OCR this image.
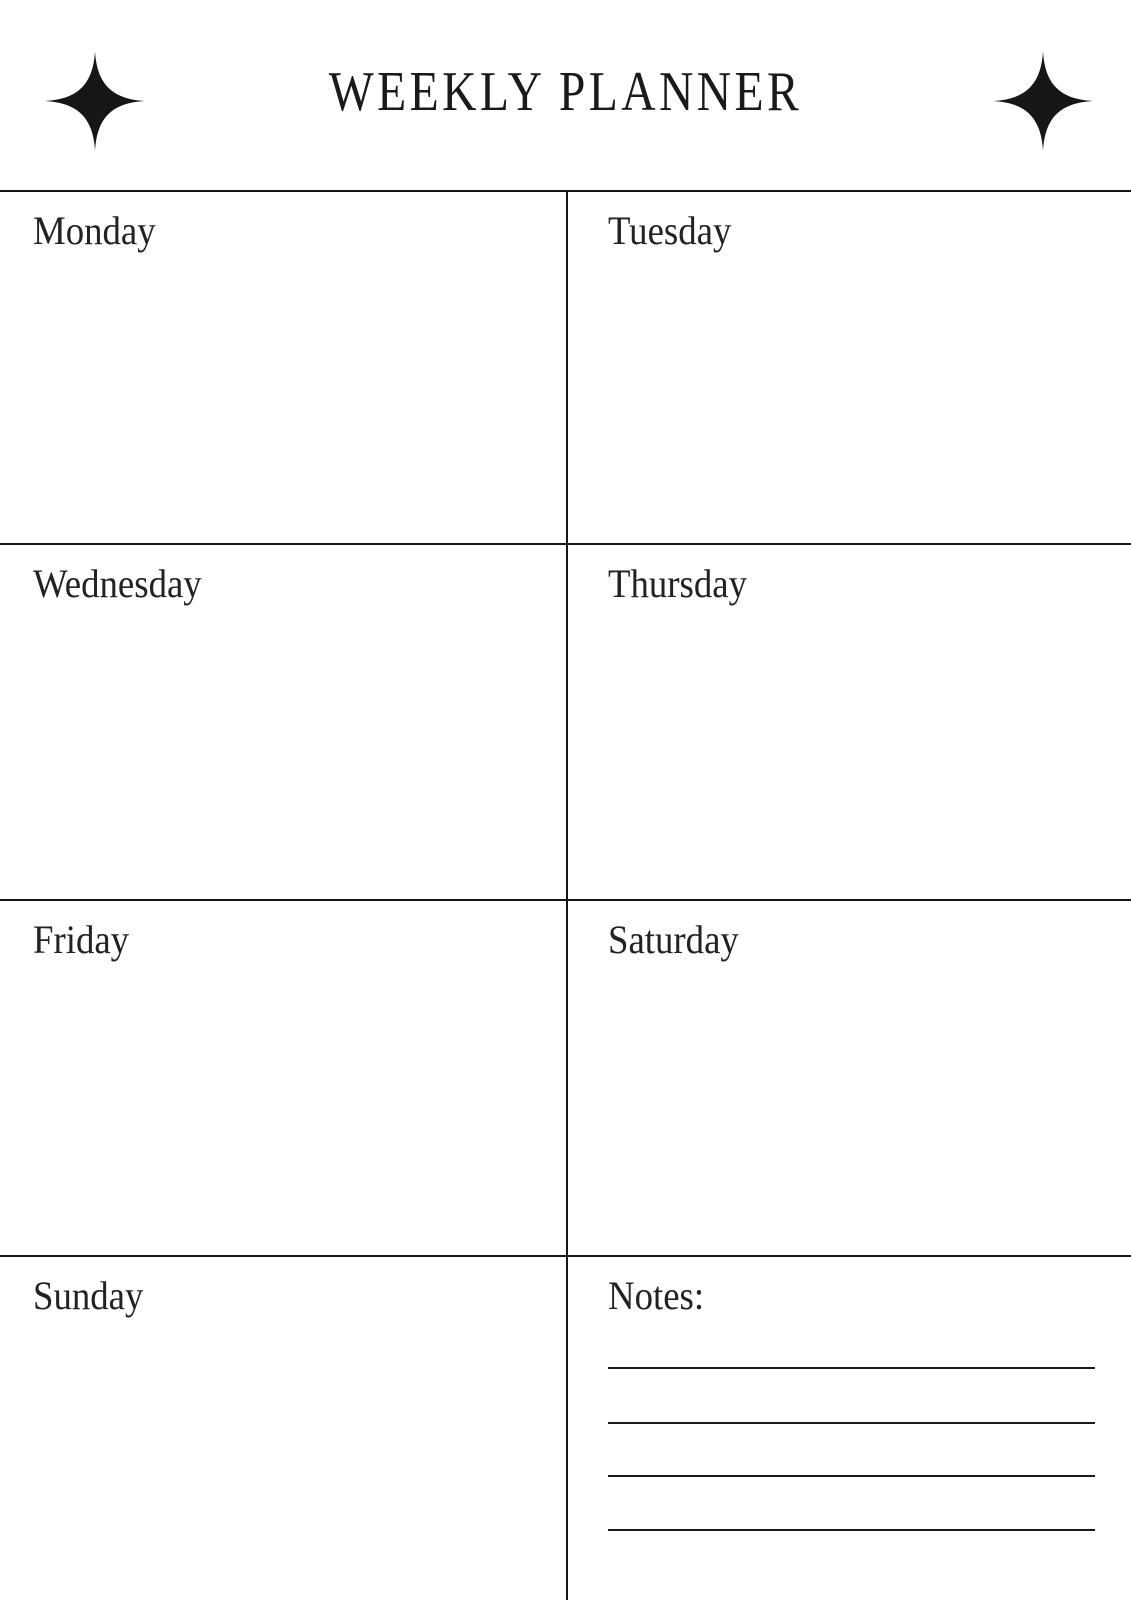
WEEKLY PLANNER
Monday	Tuesday
Wednesday	Thursday
Friday	Saturday
Sunday	Notes:
